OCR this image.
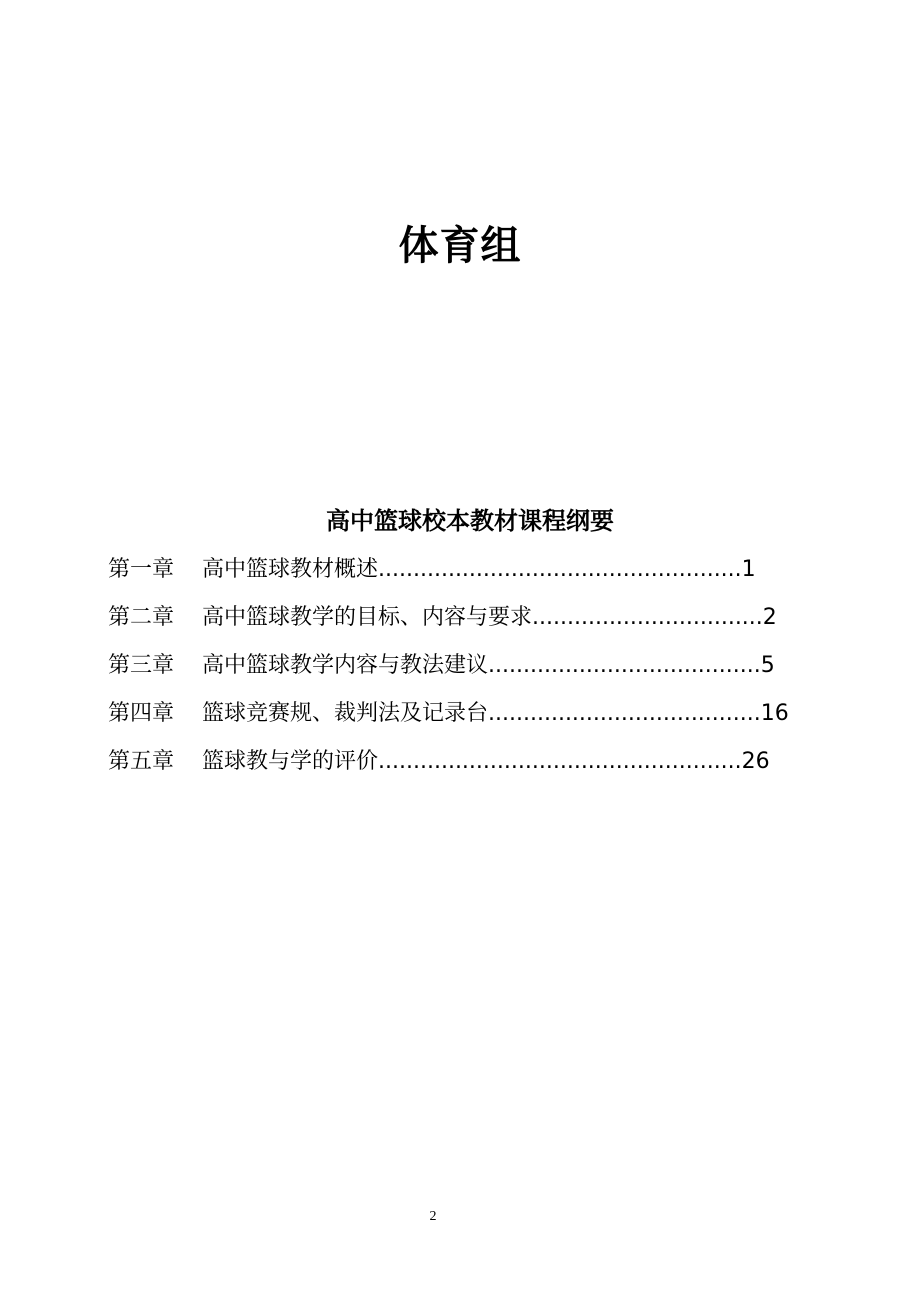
体育组
高中篮球校本教材课程纲要
第一章 高中篮球教材概述....................................................1
第二章 高中篮球教学的目标、内容与要求.................................2
第三章 高中篮球教学内容与教法建议.......................................5
第四章 篮球竞赛规、裁判法及记录台.......................................16
第五章 篮球教与学的评价....................................................26
2
